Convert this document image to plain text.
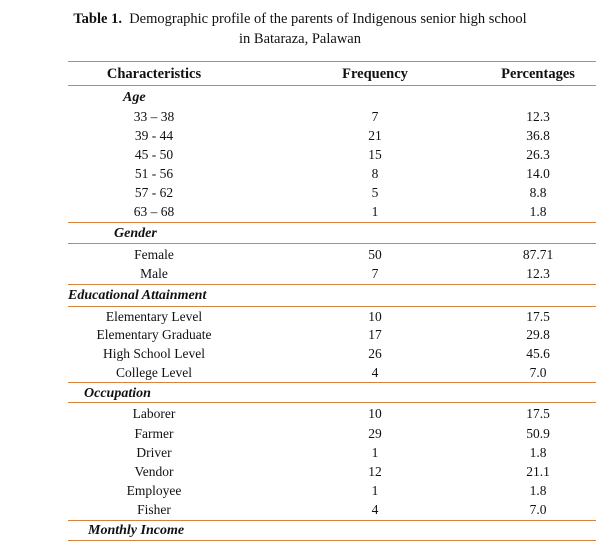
Table 1. Demographic profile of the parents of Indigenous senior high school
in Bataraza, Palawan
Characteristics	Frequency	Percentages
Age
33 – 38	7	12.3
39 - 44	21	36.8
45 - 50	15	26.3
51 - 56	8	14.0
57 - 62	5	8.8
63 – 68	1	1.8
Gender
Female	50	87.71
Male	7	12.3
Educational Attainment
Elementary Level	10	17.5
Elementary Graduate	17	29.8
High School Level	26	45.6
College Level	4	7.0
Occupation
Laborer	10	17.5
Farmer	29	50.9
Driver	1	1.8
Vendor	12	21.1
Employee	1	1.8
Fisher	4	7.0
Monthly Income
